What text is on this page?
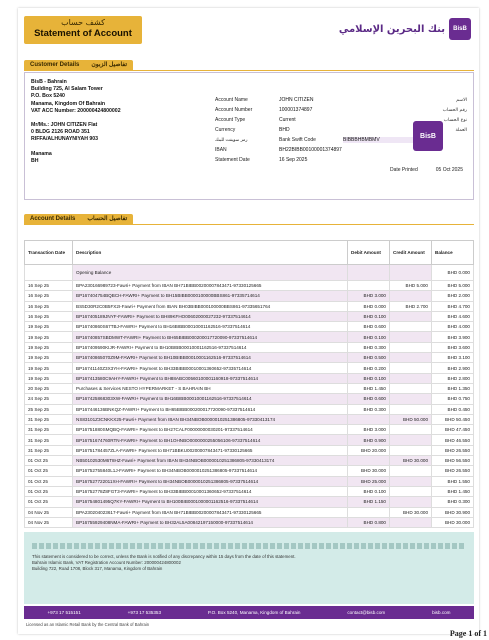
كشف حساب
Statement of Account	بنك البحرين الإسلامي	BisB
Customer Details تفاصيل الزبون
BisB - Bahrain
Building 725, Al Salam Tower
P.O. Box 5240
Manama, Kingdom Of Bahrain
VAT ACC Number: 200000424800002
Mr/Ms.: JOHN CITIZEN Flat
0 BLDG 2126 ROAD 351
RIFFA/ALHUNAYNIYAH 903
Manama
BH
Account Name	JOHN CITIZEN	الاسم
Account Number	100001374897	رقم الحساب
Account Type	Current	نوع الحساب
Currency	BHD	العملة
رمز سويفت للبنك	Bank Swift Code	BIBBBHBMBMV
IBAN	BH22BIBB00100001374897
Statement Date	16 Sep 2025
BisB
Date Printed	05 Oct 2025
Account Details تفاصيل الحساب
Transaction Date	Description	Debit Amount	Credit Amount	Balance
	Opening Balance			BHD 0.000
16 Sep 25	BPA230166989723-Fawri+ Payment from IBAN BH71BIBB00200007843471-97330125665		BHD 5.000	BHD 5.000
16 Sep 25	BP167404754BQBCH-FAWRI+ Payment to BH15BIBB0000100000BBS861-97335714614	BHD 3.000		BHD 2.000
16 Sep 25	BS5D30R2C0B5FX2I-Fawri+ Payment from IBAN BH03BIBB000100000BBS861-97335651764	BHD 0.000	BHD 2.700	BHD 4.700
16 Sep 25	BP167405189JNYF-FAWRI+ Payment to BH89KFHO00602000027232-97337514614	BHD 0.100		BHD 4.600
19 Sep 25	BP16740860S67TBJ-FAWRI+ Payment to BH16BIBB00010001162516-97337514614	BHD 0.600		BHD 4.000
19 Sep 25	BP16740857SBDMWT-FAWRI+ Payment to BH65BIBB000200017720090-97337514614	BHD 0.100		BHD 3.900
19 Sep 25	BP167409590KIJR-FAWRI+ Payment to BH10BIBB00010001162516-97337514614	BHD 0.300		BHD 3.600
19 Sep 25	BP16740865070Z9M-FAWRI+ Payment to BH10BIBB00010001162516-97337514614	BHD 0.500		BHD 3.100
19 Sep 25	BP16741140Z3X3YH-FAWRI+ Payment to BH33BIBB00010001360652-97335714614	BHD 0.200		BHD 2.900
19 Sep 25	BP167413580C9AHY-FAWRI+ Payment to BH88ABC00560100001160918-97337514614	BHD 0.100		BHD 2.800
20 Sep 25	Purchases & Services NESTO HYPERMARKET - S BAHRAIN BH	BHD 1.450		BHD 1.350
24 Sep 25	BP167425868303XW-FAWRI+ Payment to BH16BIBB00010001162516-97337514614	BHD 0.600		BHD 0.750
25 Sep 25	BP167446136BNKQZ-FAWRI+ Payment to BH65BIBB000200017720090-97337514614	BHD 0.300		BHD 0.450
31 Sep 25	NS83101Z3CNKKX25-Fawri+ Payment from IBAN BH34NBOB0000010251386805-97330413174		BHD 50.000	BHD 50.450
31 Sep 25	BP16751880SMQBQ-FAWRI+ Payment to BH27CALF00000000030201-97337514614	BHD 3.000		BHD 47.450
31 Sep 25	BP16751674760RTN-FAWRI+ Payment to BH1OHNBO0000000255056106-97337514614	BHD 0.900		BHD 46.550
31 Sep 25	BP16751784457ZLA-FAWRI+ Payment to BH71BBKU00200007843471-97330125665	BHD 20.000		BHD 26.550
01 Oct 25	NB50102530M6T8HZ-Fawri+ Payment from IBAN BH34NBOB0000010251386805-97330413174		BHD 30.000	BHD 56.550
01 Oct 25	BP16752755840L1J-FAWRI+ Payment to BH34NBOB0000010251386805-97337514614	BHD 30.000		BHD 26.550
01 Oct 25	BP167527722011XH-FAWRI+ Payment to BH34NBOB0000010251386805-97337514614	BHD 25.000		BHD 1.550
01 Oct 25	BP16752778Z8FGT3-FAWRI+ Payment to BH33BIBB00010001360652-97337514614	BHD 0.100		BHD 1.450
01 Oct 25	BP16754801495Q7KY-FAWRI+ Payment to BH100BIB0001000001162516-97337514614	BHD 1.150		BHD 0.300
04 Nov 25	BPA230204023617-Fawri+ Payment from IBAN BH71BIBB00200007843471-97330125665		BHD 30.000	BHD 30.900
04 Nov 25	BP16755929408NMA-FAWRI+ Payment to BH32AL5A00842197150000-97337514614	BHD 0.800		BHD 30.000
This statement is considered to be correct, unless the Bank is notified of any discrepancy within 15 days from the date of this statement.
Bahrain Islamic Bank, VAT Registration Account Number: 200000424800002
Building 722, Road 1708, Block 317, Manama, Kingdom of Bahrain
+973 17 515151	+973 17 535353	P.O. Box 5240, Manama, Kingdom of Bahrain	contact@bisb.com	bisb.com
Licensed as an Islamic Retail Bank by the Central Bank of Bahrain
Page 1 of 1
